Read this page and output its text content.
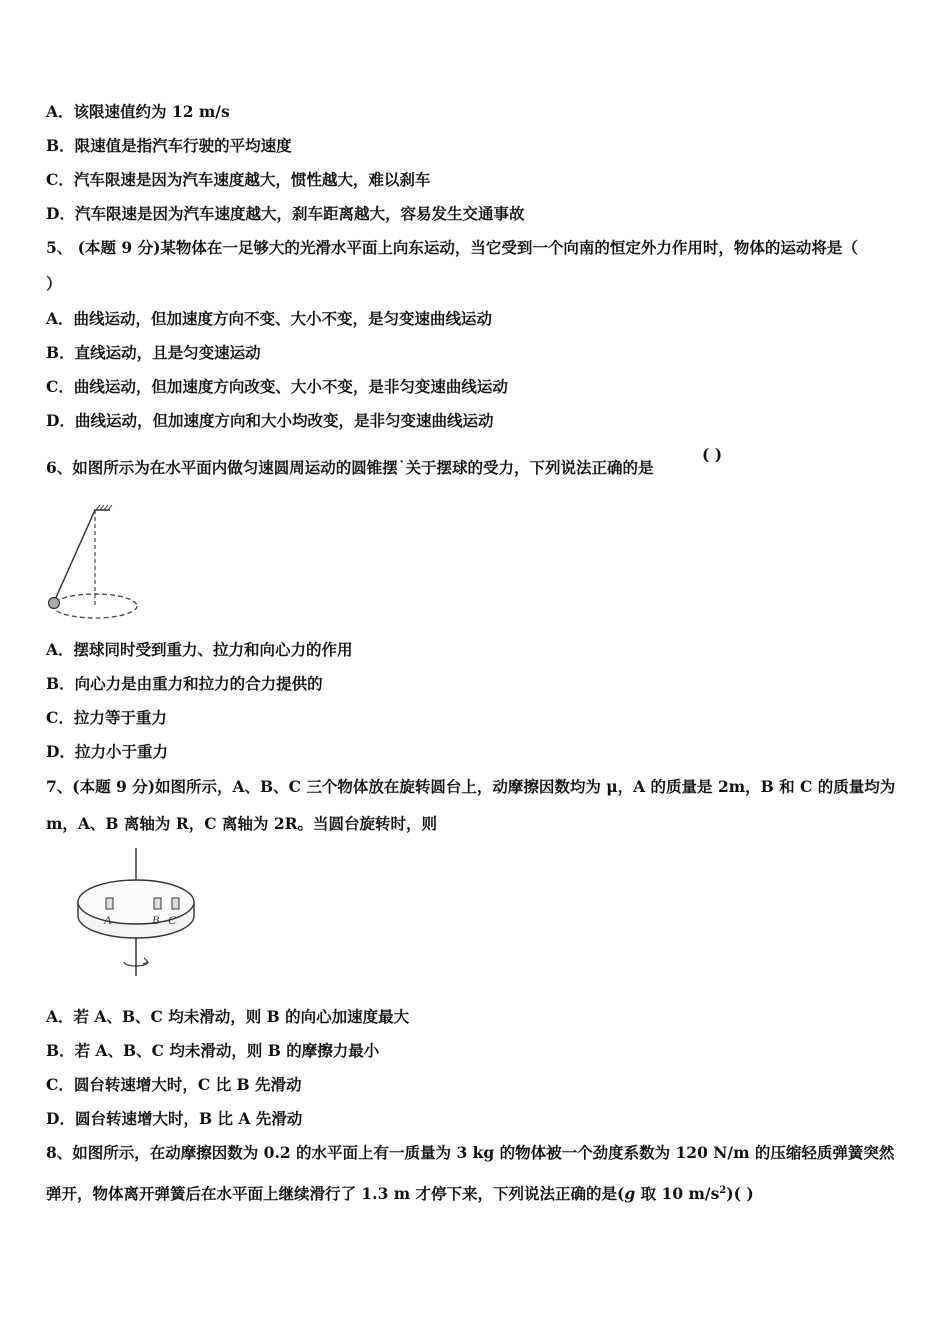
A．该限速值约为 12 m/s
B．限速值是指汽车行驶的平均速度
C．汽车限速是因为汽车速度越大，惯性越大，难以刹车
D．汽车限速是因为汽车速度越大，刹车距离越大，容易发生交通事故
5、 (本题 9 分)某物体在一足够大的光滑水平面上向东运动，当它受到一个向南的恒定外力作用时，物体的运动将是（
）
A．曲线运动，但加速度方向不变、大小不变，是匀变速曲线运动
B．直线运动，且是匀变速运动
C．曲线运动，但加速度方向改变、大小不变，是非匀变速曲线运动
D．曲线运动，但加速度方向和大小均改变，是非匀变速曲线运动
6、如图所示为在水平面内做匀速圆周运动的圆锥摆˙关于摆球的受力，下列说法正确的是
( )
A．摆球同时受到重力、拉力和向心力的作用
B．向心力是由重力和拉力的合力提供的
C．拉力等于重力
D．拉力小于重力
7、(本题 9 分)如图所示，A、B、C 三个物体放在旋转圆台上，动摩擦因数均为 μ，A 的质量是 2m，B 和 C 的质量均为
m，A、B 离轴为 R，C 离轴为 2R。当圆台旋转时，则
A	B C
A．若 A、B、C 均未滑动，则 B 的向心加速度最大
B．若 A、B、C 均未滑动，则 B 的摩擦力最小
C．圆台转速增大时，C 比 B 先滑动
D．圆台转速增大时，B 比 A 先滑动
8、如图所示，在动摩擦因数为 0.2 的水平面上有一质量为 3 kg 的物体被一个劲度系数为 120 N/m 的压缩轻质弹簧突然
弹开，物体离开弹簧后在水平面上继续滑行了 1.3 m 才停下来，下列说法正确的是(g 取 10 $m/s^2$)( )
